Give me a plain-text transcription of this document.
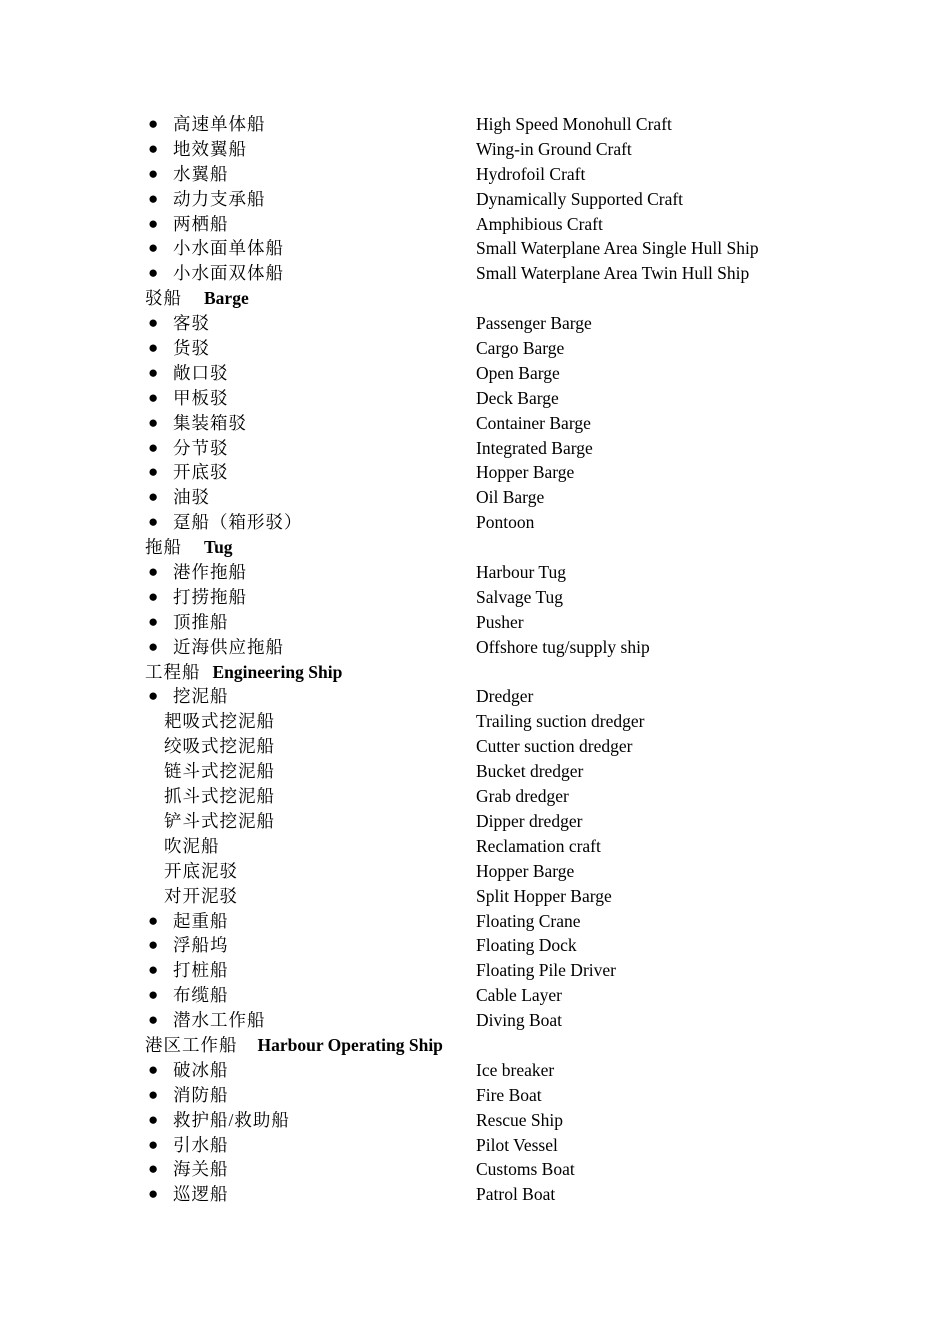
● 高速单体船	High Speed Monohull Craft
● 地效翼船	Wing-in Ground Craft
● 水翼船	Hydrofoil Craft
● 动力支承船	Dynamically Supported Craft
● 两栖船	Amphibious Craft
● 小水面单体船	Small Waterplane Area Single Hull Ship
● 小水面双体船	Small Waterplane Area Twin Hull Ship
驳船 Barge
● 客驳	Passenger Barge
● 货驳	Cargo Barge
● 敞口驳	Open Barge
● 甲板驳	Deck Barge
● 集装箱驳	Container Barge
● 分节驳	Integrated Barge
● 开底驳	Hopper Barge
● 油驳	Oil Barge
● 趸船（箱形驳）	Pontoon
拖船 Tug
● 港作拖船	Harbour Tug
● 打捞拖船	Salvage Tug
● 顶推船	Pusher
● 近海供应拖船	Offshore tug/supply ship
工程船 Engineering Ship
● 挖泥船	Dredger
耙吸式挖泥船	Trailing suction dredger
绞吸式挖泥船	Cutter suction dredger
链斗式挖泥船	Bucket dredger
抓斗式挖泥船	Grab dredger
铲斗式挖泥船	Dipper dredger
吹泥船	Reclamation craft
开底泥驳	Hopper Barge
对开泥驳	Split Hopper Barge
● 起重船	Floating Crane
● 浮船坞	Floating Dock
● 打桩船	Floating Pile Driver
● 布缆船	Cable Layer
● 潜水工作船	Diving Boat
港区工作船 Harbour Operating Ship
● 破冰船	Ice breaker
● 消防船	Fire Boat
● 救护船/救助船	Rescue Ship
● 引水船	Pilot Vessel
● 海关船	Customs Boat
● 巡逻船	Patrol Boat
